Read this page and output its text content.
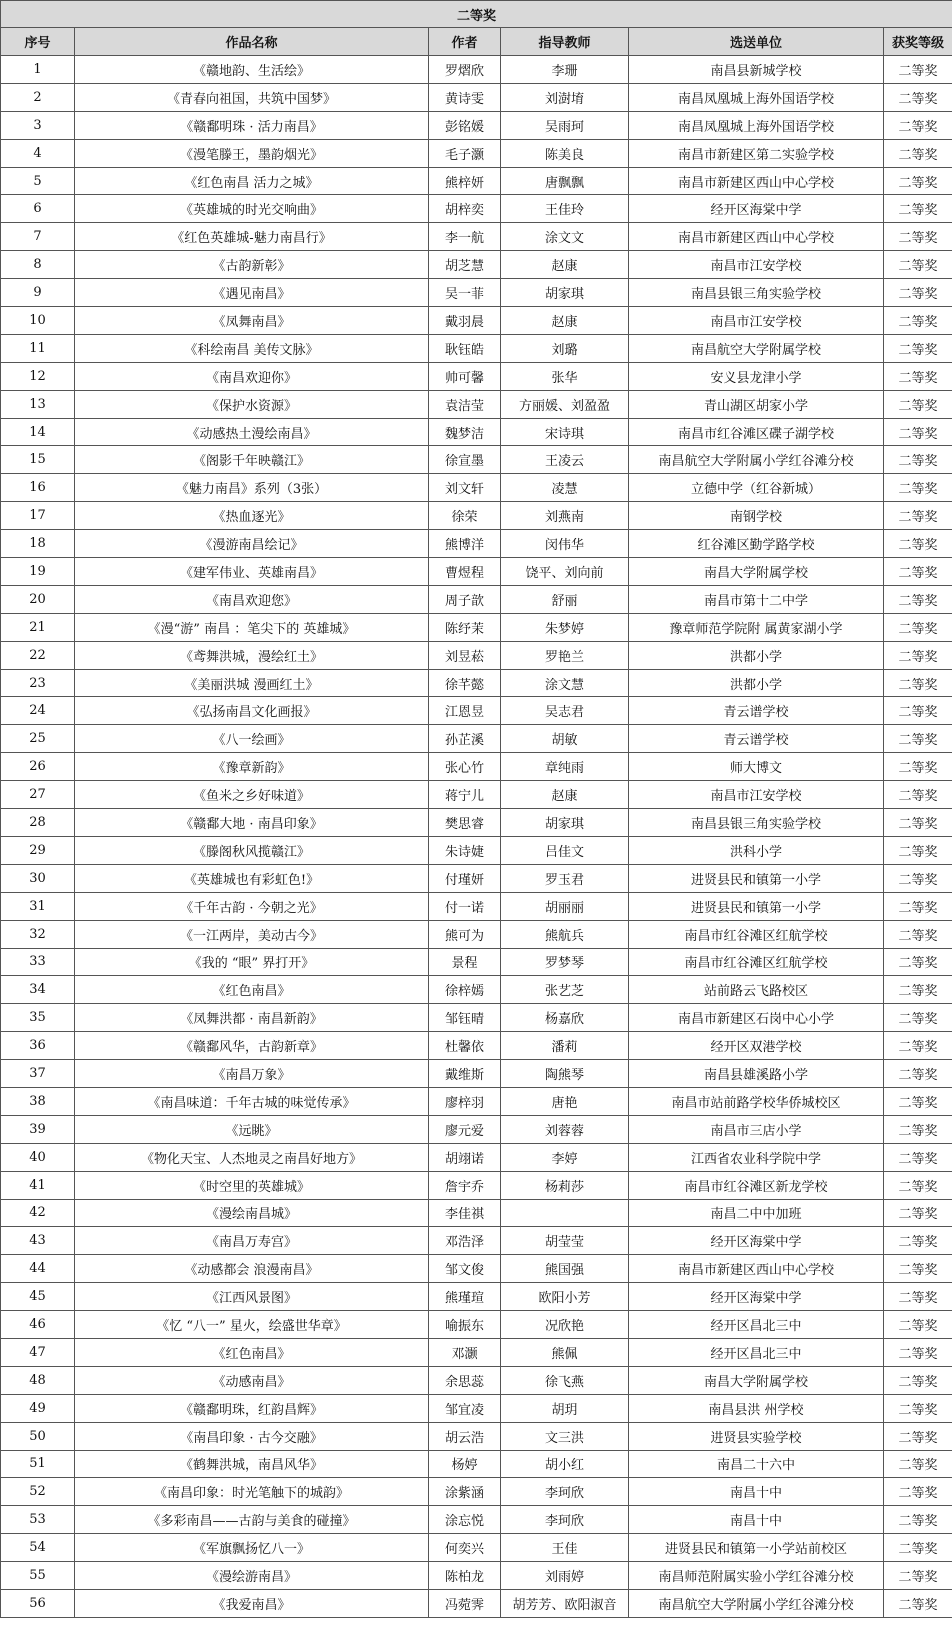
二等奖					
序号	作品名称	作者	指导教师	选送单位	获奖等级
1	《赣地韵、生活绘》	罗熠欣	李珊	南昌县新城学校	二等奖
2	《青春向祖国，共筑中国梦》	黄诗雯	刘澍堉	南昌凤凰城上海外国语学校	二等奖
3	《赣鄱明珠 · 活力南昌》	彭铭媛	吴雨珂	南昌凤凰城上海外国语学校	二等奖
4	《漫笔滕王，墨韵烟光》	毛子灏	陈美良	南昌市新建区第二实验学校	二等奖
5	《红色南昌 活力之城》	熊梓妍	唐飘飘	南昌市新建区西山中心学校	二等奖
6	《英雄城的时光交响曲》	胡梓奕	王佳玲	经开区海棠中学	二等奖
7	《红色英雄城-魅力南昌行》	李一航	涂文文	南昌市新建区西山中心学校	二等奖
8	《古韵新彰》	胡芝慧	赵康	南昌市江安学校	二等奖
9	《遇见南昌》	吴一菲	胡家琪	南昌县银三角实验学校	二等奖
10	《凤舞南昌》	戴羽晨	赵康	南昌市江安学校	二等奖
11	《科绘南昌 美传文脉》	耿钰皓	刘璐	南昌航空大学附属学校	二等奖
12	《南昌欢迎你》	帅可馨	张华	安义县龙津小学	二等奖
13	《保护水资源》	袁洁莹	方丽媛、刘盈盈	青山湖区胡家小学	二等奖
14	《动感热土漫绘南昌》	魏梦洁	宋诗琪	南昌市红谷滩区碟子湖学校	二等奖
15	《阁影千年映赣江》	徐宣墨	王凌云	南昌航空大学附属小学红谷滩分校	二等奖
16	《魅力南昌》系列（3张）	刘文轩	凌慧	立德中学（红谷新城）	二等奖
17	《热血逐光》	徐荣	刘燕南	南钢学校	二等奖
18	《漫游南昌绘记》	熊博洋	闵伟华	红谷滩区勤学路学校	二等奖
19	《建军伟业、英雄南昌》	曹煜程	饶平、刘向前	南昌大学附属学校	二等奖
20	《南昌欢迎您》	周子歆	舒丽	南昌市第十二中学	二等奖
21	《漫“游” 南昌 ：笔尖下的 英雄城》	陈纾茉	朱梦婷	豫章师范学院附 属黄家湖小学	二等奖
22	《鸢舞洪城，漫绘红土》	刘昱菘	罗艳兰	洪都小学	二等奖
23	《美丽洪城 漫画红土》	徐芊懿	涂文慧	洪都小学	二等奖
24	《弘扬南昌文化画报》	江恩昱	吴志君	青云谱学校	二等奖
25	《八一绘画》	孙芷溪	胡敏	青云谱学校	二等奖
26	《豫章新韵》	张心竹	章纯雨	师大博文	二等奖
27	《鱼米之乡好味道》	蒋宁儿	赵康	南昌市江安学校	二等奖
28	《赣鄱大地 · 南昌印象》	樊思睿	胡家琪	南昌县银三角实验学校	二等奖
29	《滕阁秋风揽赣江》	朱诗婕	吕佳文	洪科小学	二等奖
30	《英雄城也有彩虹色!》	付瑾妍	罗玉君	进贤县民和镇第一小学	二等奖
31	《千年古韵 · 今朝之光》	付一诺	胡丽丽	进贤县民和镇第一小学	二等奖
32	《一江两岸，美动古今》	熊可为	熊航兵	南昌市红谷滩区红航学校	二等奖
33	《我的 “眼” 界打开》	景程	罗梦琴	南昌市红谷滩区红航学校	二等奖
34	《红色南昌》	徐梓嫣	张艺芝	站前路云飞路校区	二等奖
35	《凤舞洪都 · 南昌新韵》	邹钰晴	杨嘉欣	南昌市新建区石岗中心小学	二等奖
36	《赣鄱风华，古韵新章》	杜馨依	潘莉	经开区双港学校	二等奖
37	《南昌万象》	戴维斯	陶熊琴	南昌县雄溪路小学	二等奖
38	《南昌味道：千年古城的味觉传承》	廖梓羽	唐艳	南昌市站前路学校华侨城校区	二等奖
39	《远眺》	廖元爱	刘蓉蓉	南昌市三店小学	二等奖
40	《物化天宝、人杰地灵之南昌好地方》	胡翊诺	李婷	江西省农业科学院中学	二等奖
41	《时空里的英雄城》	詹宇乔	杨莉莎	南昌市红谷滩区新龙学校	二等奖
42	《漫绘南昌城》	李佳祺		南昌二中中加班	二等奖
43	《南昌万寿宫》	邓浩泽	胡莹莹	经开区海棠中学	二等奖
44	《动感都会 浪漫南昌》	邹文俊	熊国强	南昌市新建区西山中心学校	二等奖
45	《江西风景图》	熊瑾瑄	欧阳小芳	经开区海棠中学	二等奖
46	《忆 “八一” 星火，绘盛世华章》	喻振东	况欣艳	经开区昌北三中	二等奖
47	《红色南昌》	邓灏	熊佩	经开区昌北三中	二等奖
48	《动感南昌》	余思蕊	徐飞燕	南昌大学附属学校	二等奖
49	《赣鄱明珠，红韵昌辉》	邹宜凌	胡玥	南昌县洪 州学校	二等奖
50	《南昌印象 · 古今交融》	胡云浩	文三洪	进贤县实验学校	二等奖
51	《鹤舞洪城，南昌风华》	杨婷	胡小红	南昌二十六中	二等奖
52	《南昌印象：时光笔触下的城韵》	涂紫涵	李珂欣	南昌十中	二等奖
53	《多彩南昌——古韵与美食的碰撞》	涂忘悦	李珂欣	南昌十中	二等奖
54	《军旗飘扬忆八一》	何奕兴	王佳	进贤县民和镇第一小学站前校区	二等奖
55	《漫绘游南昌》	陈柏龙	刘雨婷	南昌师范附属实验小学红谷滩分校	二等奖
56	《我爱南昌》	冯菀霁	胡芳芳、欧阳淑音	南昌航空大学附属小学红谷滩分校	二等奖
